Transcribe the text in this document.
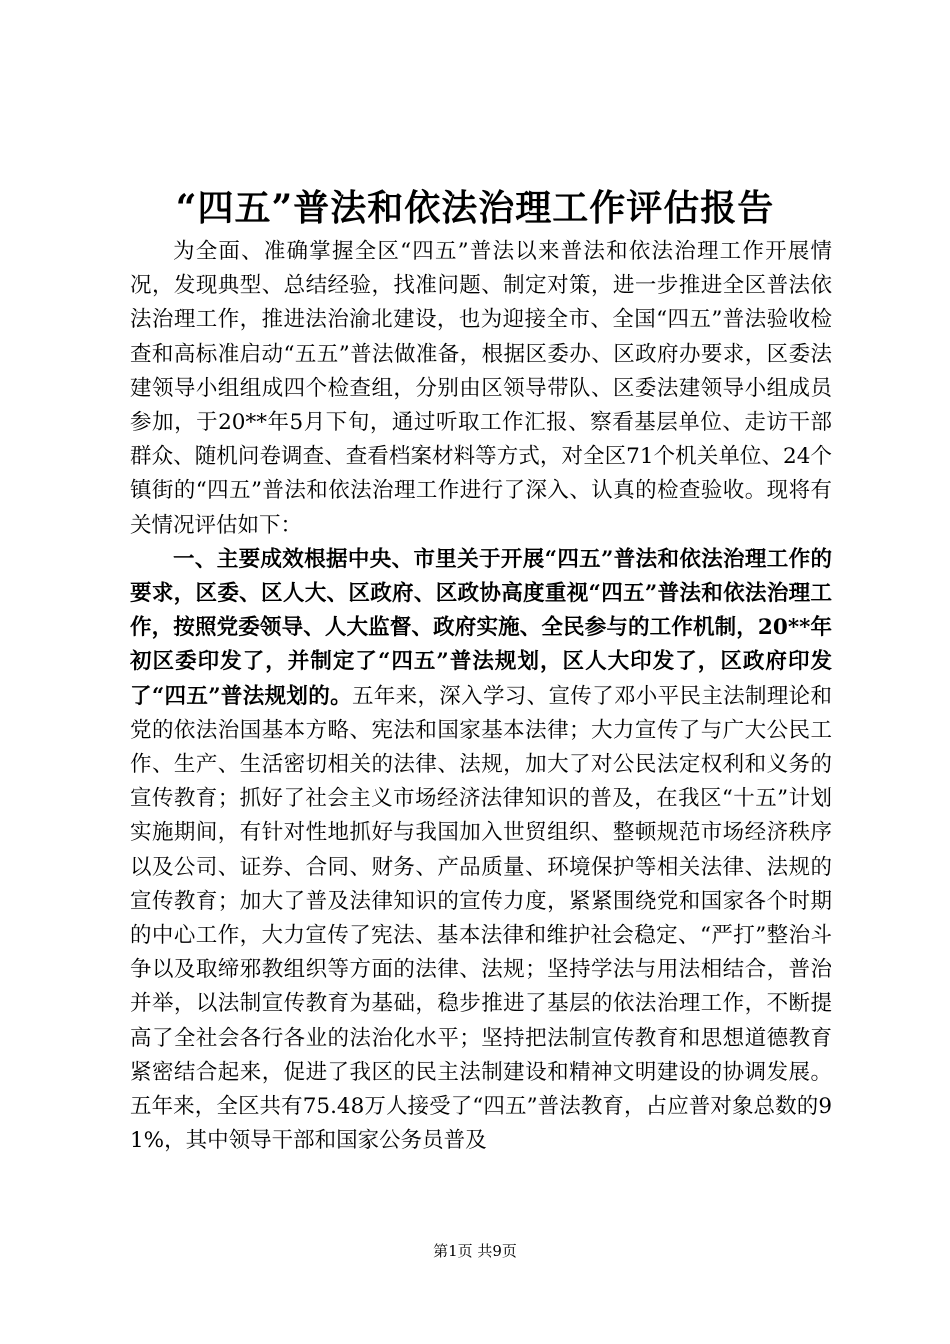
“四五”普法和依法治理工作评估报告

为全面、准确掌握全区“四五”普法以来普法和依法治理工作开展情况，发现典型、总结经验，找准问题、制定对策，进一步推进全区普法依法治理工作，推进法治渝北建设，也为迎接全市、全国“四五”普法验收检查和高标准启动“五五”普法做准备，根据区委办、区政府办要求，区委法建领导小组组成四个检查组，分别由区领导带队、区委法建领导小组成员参加，于20**年5月下旬，通过听取工作汇报、察看基层单位、走访干部群众、随机问卷调查、查看档案材料等方式，对全区71个机关单位、24个镇街的“四五”普法和依法治理工作进行了深入、认真的检查验收。现将有关情况评估如下：

一、主要成效根据中央、市里关于开展“四五”普法和依法治理工作的要求，区委、区人大、区政府、区政协高度重视“四五”普法和依法治理工作，按照党委领导、人大监督、政府实施、全民参与的工作机制，20**年初区委印发了，并制定了“四五”普法规划，区人大印发了，区政府印发了“四五”普法规划的。五年来，深入学习、宣传了邓小平民主法制理论和党的依法治国基本方略、宪法和国家基本法律；大力宣传了与广大公民工作、生产、生活密切相关的法律、法规，加大了对公民法定权利和义务的宣传教育；抓好了社会主义市场经济法律知识的普及，在我区“十五”计划实施期间，有针对性地抓好与我国加入世贸组织、整顿规范市场经济秩序以及公司、证券、合同、财务、产品质量、环境保护等相关法律、法规的宣传教育；加大了普及法律知识的宣传力度，紧紧围绕党和国家各个时期的中心工作，大力宣传了宪法、基本法律和维护社会稳定、“严打”整治斗争以及取缔邪教组织等方面的法律、法规；坚持学法与用法相结合，普治并举，以法制宣传教育为基础，稳步推进了基层的依法治理工作，不断提高了全社会各行各业的法治化水平；坚持把法制宣传教育和思想道德教育紧密结合起来，促进了我区的民主法制建设和精神文明建设的协调发展。五年来，全区共有75.48万人接受了“四五”普法教育，占应普对象总数的91%，其中领导干部和国家公务员普及

第1页 共9页
